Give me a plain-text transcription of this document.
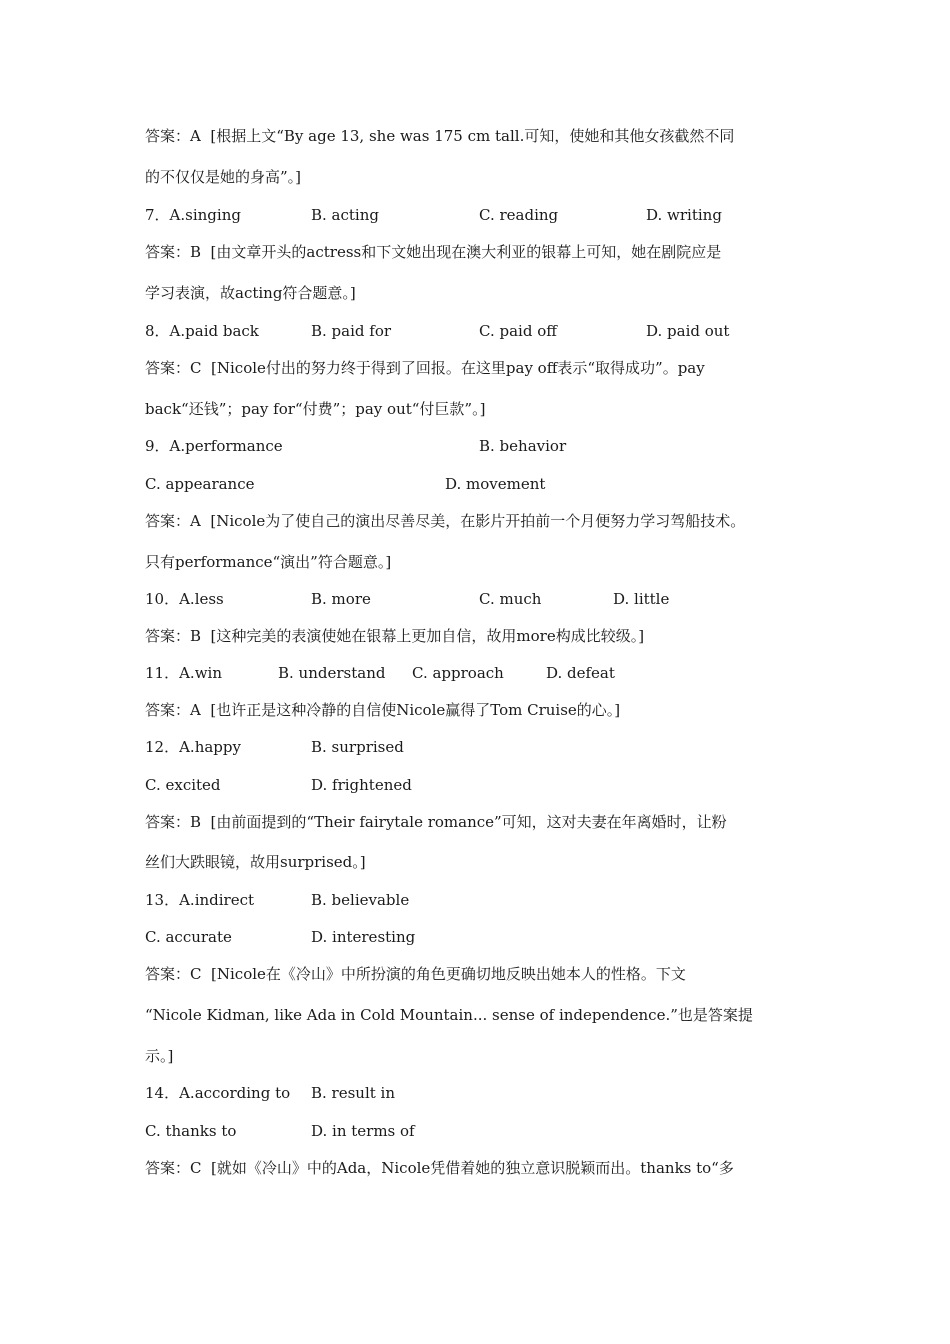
答案：A  [根据上文“By age 13, she was 175 cm tall.可知，使她和其他女孩截然不同
的不仅仅是她的身高”。]
7．A.singing	B. acting	C. reading	D. writing
答案：B  [由文章开头的actress和下文她出现在澳大利亚的银幕上可知，她在剧院应是
学习表演，故acting符合题意。]
8．A.paid back	B. paid for	C. paid off	D. paid out
答案：C  [Nicole付出的努力终于得到了回报。在这里pay off表示“取得成功”。pay
back“还钱”；pay for“付费”；pay out“付巨款”。]
9．A.performance	B. behavior
C. appearance	D. movement
答案：A  [Nicole为了使自己的演出尽善尽美，在影片开拍前一个月便努力学习驾船技术。
只有performance“演出”符合题意。]
10．A.less	B. more	C. much	D. little
答案：B  [这种完美的表演使她在银幕上更加自信，故用more构成比较级。]
11．A.win	B. understand C. approach	D. defeat
答案：A  [也许正是这种冷静的自信使Nicole赢得了Tom Cruise的心。]
12．A.happy	B. surprised
C. excited	D. frightened
答案：B  [由前面提到的“Their fairytale romance”可知，这对夫妻在年离婚时，让粉
丝们大跌眼镜，故用surprised。]
13．A.indirect	B. believable
C. accurate	D. interesting
答案：C  [Nicole在《冷山》中所扮演的角色更确切地反映出她本人的性格。下文
“Nicole Kidman, like Ada in Cold Mountain... sense of independence.”也是答案提
示。]
14．A.according to B. result in
C. thanks to	D. in terms of
答案：C  [就如《冷山》中的Ada，Nicole凭借着她的独立意识脱颖而出。thanks to“多
